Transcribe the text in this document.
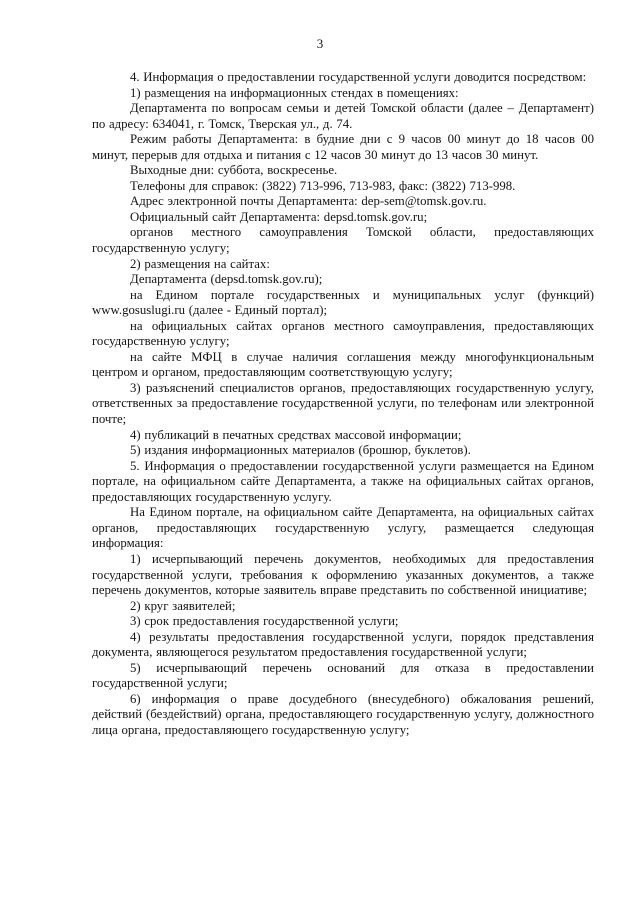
3

4. Информация о предоставлении государственной услуги доводится посредством:

1) размещения на информационных стендах в помещениях:

Департамента по вопросам семьи и детей Томской области (далее – Департамент) по адресу: 634041, г. Томск, Тверская ул., д. 74.

Режим работы Департамента: в будние дни с 9 часов 00 минут до 18 часов 00 минут, перерыв для отдыха и питания с 12 часов 30 минут до 13 часов 30 минут.

Выходные дни: суббота, воскресенье.

Телефоны для справок: (3822) 713-996, 713-983, факс: (3822) 713-998.

Адрес электронной почты Департамента: dep-sem@tomsk.gov.ru.

Официальный сайт Департамента: depsd.tomsk.gov.ru;

органов местного самоуправления Томской области, предоставляющих государственную услугу;

2) размещения на сайтах:

Департамента (depsd.tomsk.gov.ru);

на Едином портале государственных и муниципальных услуг (функций) www.gosuslugi.ru (далее - Единый портал);

на официальных сайтах органов местного самоуправления, предоставляющих государственную услугу;

на сайте МФЦ в случае наличия соглашения между многофункциональным центром и органом, предоставляющим соответствующую услугу;

3) разъяснений специалистов органов, предоставляющих государственную услугу, ответственных за предоставление государственной услуги, по телефонам или электронной почте;

4) публикаций в печатных средствах массовой информации;

5) издания информационных материалов (брошюр, буклетов).

5. Информация о предоставлении государственной услуги размещается на Едином портале, на официальном сайте Департамента, а также на официальных сайтах органов, предоставляющих государственную услугу.

На Едином портале, на официальном сайте Департамента, на официальных сайтах органов, предоставляющих государственную услугу, размещается следующая информация:

1) исчерпывающий перечень документов, необходимых для предоставления государственной услуги, требования к оформлению указанных документов, а также перечень документов, которые заявитель вправе представить по собственной инициативе;

2) круг заявителей;

3) срок предоставления государственной услуги;

4) результаты предоставления государственной услуги, порядок представления документа, являющегося результатом предоставления государственной услуги;

5) исчерпывающий перечень оснований для отказа в предоставлении государственной услуги;

6) информация о праве досудебного (внесудебного) обжалования решений, действий (бездействий) органа, предоставляющего государственную услугу, должностного лица органа, предоставляющего государственную услугу;
